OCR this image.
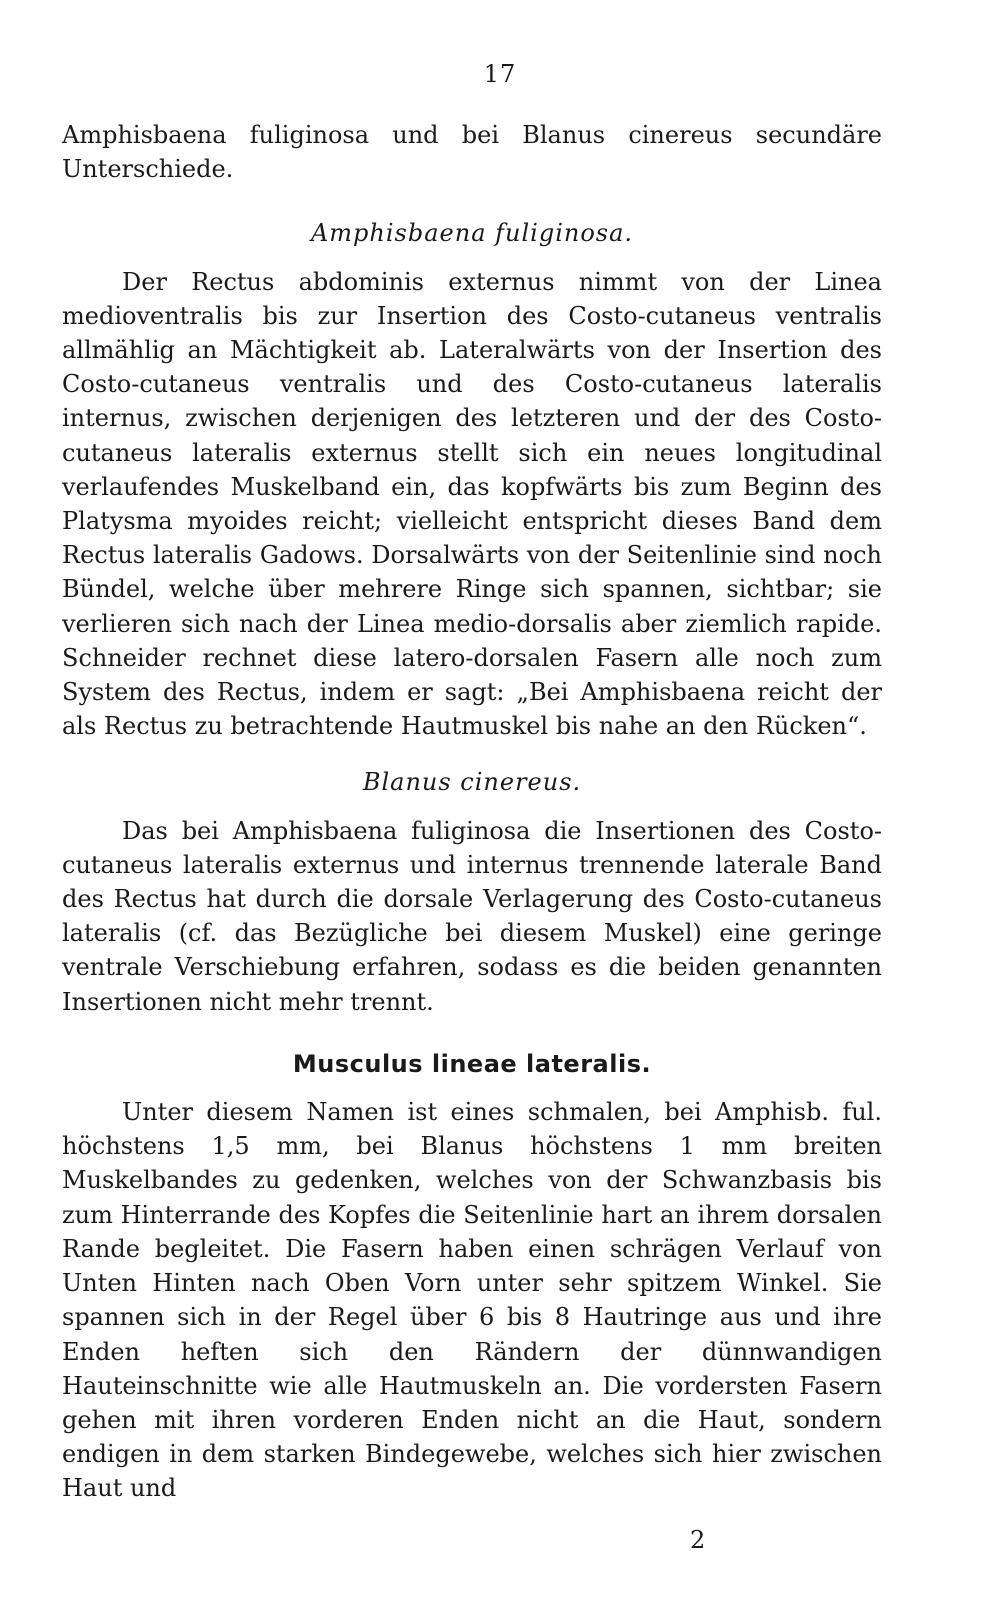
17

Amphisbaena fuliginosa und bei Blanus cinereus secundäre Unterschiede.

Amphisbaena fuliginosa.

Der Rectus abdominis externus nimmt von der Linea medioventralis bis zur Insertion des Costo-cutaneus ventralis allmählig an Mächtigkeit ab. Lateralwärts von der Insertion des Costo-cutaneus ventralis und des Costo-cutaneus lateralis internus, zwischen derjenigen des letzteren und der des Costo-cutaneus lateralis externus stellt sich ein neues longitudinal verlaufendes Muskelband ein, das kopfwärts bis zum Beginn des Platysma myoides reicht; vielleicht entspricht dieses Band dem Rectus lateralis Gadows. Dorsalwärts von der Seitenlinie sind noch Bündel, welche über mehrere Ringe sich spannen, sichtbar; sie verlieren sich nach der Linea medio-dorsalis aber ziemlich rapide. Schneider rechnet diese latero-dorsalen Fasern alle noch zum System des Rectus, indem er sagt: „Bei Amphisbaena reicht der als Rectus zu betrachtende Hautmuskel bis nahe an den Rücken“.

Blanus cinereus.

Das bei Amphisbaena fuliginosa die Insertionen des Costo-cutaneus lateralis externus und internus trennende laterale Band des Rectus hat durch die dorsale Verlagerung des Costo-cutaneus lateralis (cf. das Bezügliche bei diesem Muskel) eine geringe ventrale Verschiebung erfahren, sodass es die beiden genannten Insertionen nicht mehr trennt.

Musculus lineae lateralis.

Unter diesem Namen ist eines schmalen, bei Amphisb. ful. höchstens 1,5 mm, bei Blanus höchstens 1 mm breiten Muskelbandes zu gedenken, welches von der Schwanzbasis bis zum Hinterrande des Kopfes die Seitenlinie hart an ihrem dorsalen Rande begleitet. Die Fasern haben einen schrägen Verlauf von Unten Hinten nach Oben Vorn unter sehr spitzem Winkel. Sie spannen sich in der Regel über 6 bis 8 Hautringe aus und ihre Enden heften sich den Rändern der dünnwandigen Hauteinschnitte wie alle Hautmuskeln an. Die vordersten Fasern gehen mit ihren vorderen Enden nicht an die Haut, sondern endigen in dem starken Bindegewebe, welches sich hier zwischen Haut und

2
